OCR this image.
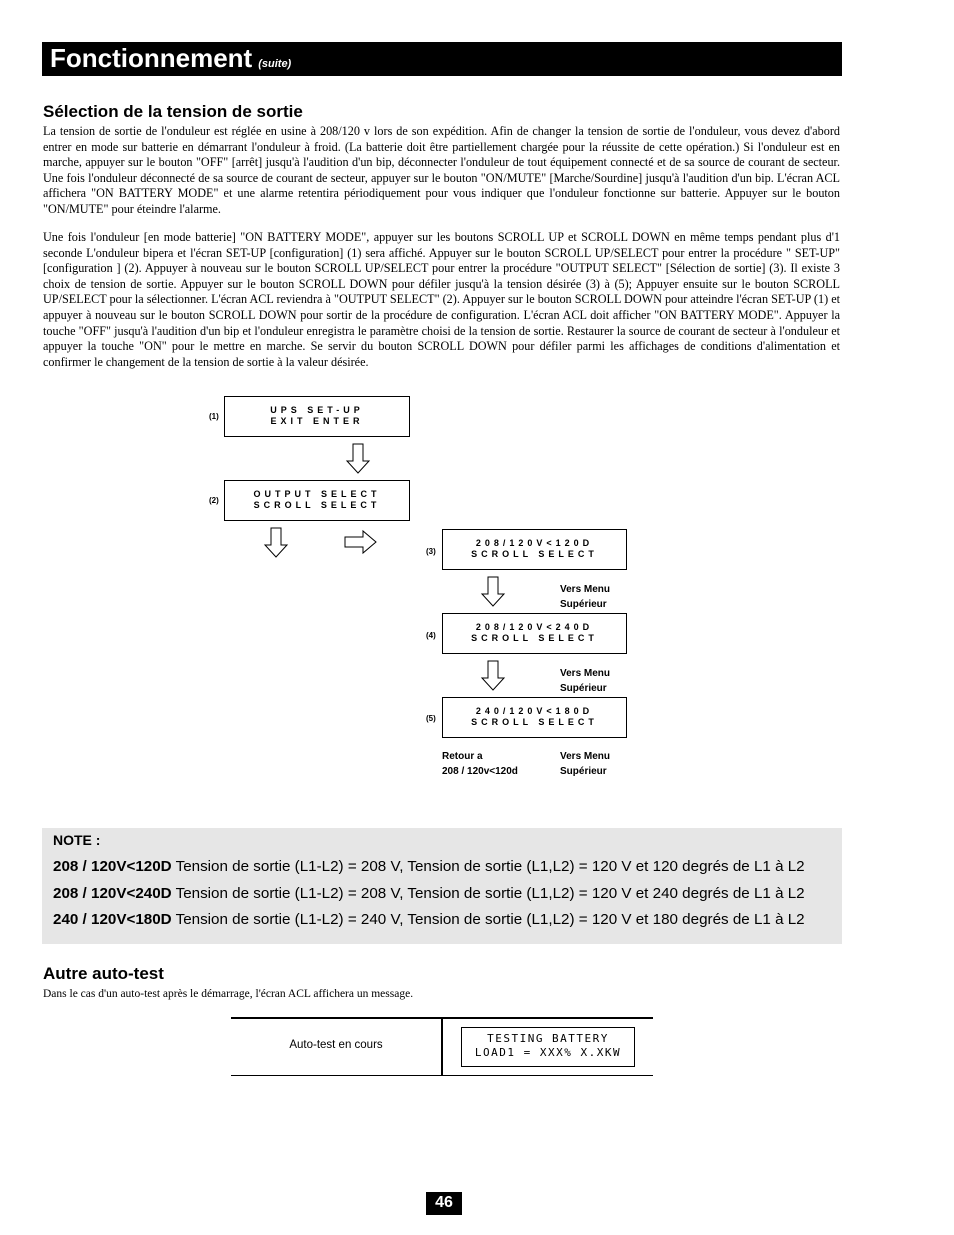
Fonctionnement (suite)
Sélection de la tension de sortie
La tension de sortie de l'onduleur est réglée en usine à 208/120 v lors de son expédition. Afin de changer la tension de sortie de l'onduleur, vous devez d'abord entrer en mode sur batterie en démarrant l'onduleur à froid. (La batterie doit être partiellement chargée pour la réussite de cette opération.) Si l'onduleur est en marche, appuyer sur le bouton "OFF" [arrêt] jusqu'à l'audition d'un bip, déconnecter l'onduleur de tout équipement connecté et de sa source de courant de secteur. Une fois l'onduleur déconnecté de sa source de courant de secteur, appuyer sur le bouton "ON/MUTE" [Marche/Sourdine] jusqu'à l'audition d'un bip. L'écran ACL affichera "ON BATTERY MODE" et une alarme retentira périodiquement pour vous indiquer que l'onduleur fonctionne sur batterie. Appuyer sur le bouton "ON/MUTE" pour éteindre l'alarme.
Une fois l'onduleur [en mode batterie] "ON BATTERY MODE", appuyer sur les boutons SCROLL UP et SCROLL DOWN en même temps pendant plus d'1 seconde L'onduleur bipera et l'écran SET-UP [configuration] (1) sera affiché. Appuyer sur le bouton SCROLL UP/SELECT pour entrer la procédure " SET-UP" [configuration ] (2). Appuyer à nouveau sur le bouton SCROLL UP/SELECT pour entrer la procédure "OUTPUT SELECT" [Sélection de sortie] (3). Il existe 3 choix de tension de sortie. Appuyer sur le bouton SCROLL DOWN pour défiler jusqu'à la tension désirée (3) à (5); Appuyer ensuite sur le bouton SCROLL UP/SELECT pour la sélectionner. L'écran ACL reviendra à "OUTPUT SELECT" (2). Appuyer sur le bouton SCROLL DOWN pour atteindre l'écran SET-UP (1) et appuyer à nouveau sur le bouton SCROLL DOWN pour sortir de la procédure de configuration. L'écran ACL doit afficher "ON BATTERY MODE". Appuyer la touche "OFF" jusqu'à l'audition d'un bip et l'onduleur enregistra le paramètre choisi de la tension de sortie. Restaurer la source de courant de secteur à l'onduleur et appuyer la touche "ON" pour le mettre en marche. Se servir du bouton SCROLL DOWN pour défiler parmi les affichages de conditions d'alimentation et confirmer le changement de la tension de sortie à la valeur désirée.
(1)
UPS SET-UP
EXIT ENTER
(2)
OUTPUT SELECT
SCROLL SELECT
(3)
208/120V<120D
SCROLL SELECT
Vers Menu
Supérieur
(4)
208/120V<240D
SCROLL SELECT
Vers Menu
Supérieur
(5)
240/120V<180D
SCROLL SELECT
Retour a
208 / 120v<120d
Vers Menu
Supérieur
NOTE :
208 / 120V<120D Tension de sortie (L1-L2) = 208 V, Tension de sortie (L1,L2) = 120 V et 120 degrés de L1 à L2
208 / 120V<240D Tension de sortie (L1-L2) = 208 V, Tension de sortie (L1,L2) = 120 V et 240 degrés de L1 à L2
240 / 120V<180D Tension de sortie (L1-L2) = 240 V, Tension de sortie (L1,L2) = 120 V et 180 degrés de L1 à L2
Autre auto-test
Dans le cas d'un auto-test après le démarrage, l'écran ACL affichera un message.
Auto-test en cours	TESTING BATTERY
LOAD1 = XXX% X.XKW
46
